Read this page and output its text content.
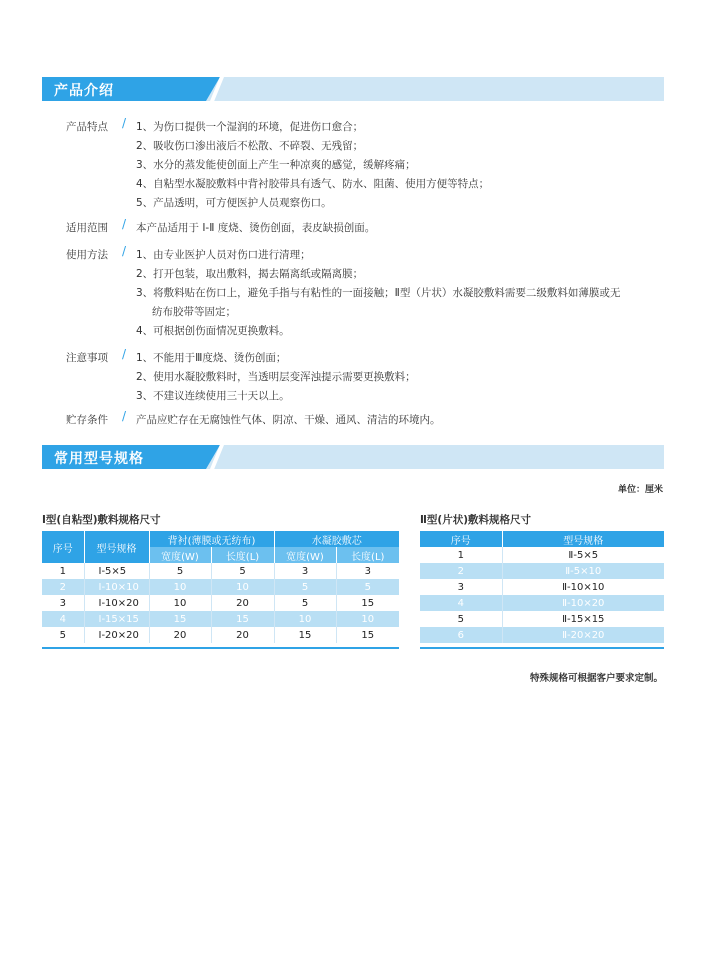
产品介绍
产品特点	/ 1、为伤口提供一个湿润的环境，促进伤口愈合；
2、吸收伤口渗出液后不松散、不碎裂、无残留；
3、水分的蒸发能使创面上产生一种凉爽的感觉，缓解疼痛；
4、自粘型水凝胶敷料中背衬胶带具有透气、防水、阻菌、使用方便等特点；
5、产品透明，可方便医护人员观察伤口。
适用范围	/ 本产品适用于 Ⅰ-Ⅱ 度烧、烫伤创面，表皮缺损创面。
使用方法	/ 1、由专业医护人员对伤口进行清理；
2、打开包装，取出敷料，揭去隔离纸或隔离膜；
3、将敷料贴在伤口上，避免手指与有粘性的一面接触；Ⅱ型（片状）水凝胶敷料需要二级敷料如薄膜或无
纺布胶带等固定；
4、可根据创伤面情况更换敷料。
注意事项	/ 1、不能用于Ⅲ度烧、烫伤创面；
2、使用水凝胶敷料时，当透明层变浑浊提示需要更换敷料；
3、不建议连续使用三十天以上。
贮存条件	/ 产品应贮存在无腐蚀性气体、阴凉、干燥、通风、清洁的环境内。
常用型号规格
单位：厘米
Ⅰ型(自粘型)敷料规格尺寸
序号	型号规格	背衬(薄膜或无纺布)		水凝胶敷芯	
		宽度(W)	长度(L)	宽度(W)	长度(L)
1	Ⅰ-5×5	5	5	3	3
2	Ⅰ-10×10	10	10	5	5
3	Ⅰ-10×20	10	20	5	15
4	Ⅰ-15×15	15	15	10	10
5	Ⅰ-20×20	20	20	15	15
Ⅱ型(片状)敷料规格尺寸
序号	型号规格
1	Ⅱ-5×5
2	Ⅱ-5×10
3	Ⅱ-10×10
4	Ⅱ-10×20
5	Ⅱ-15×15
6	Ⅱ-20×20
特殊规格可根据客户要求定制。
